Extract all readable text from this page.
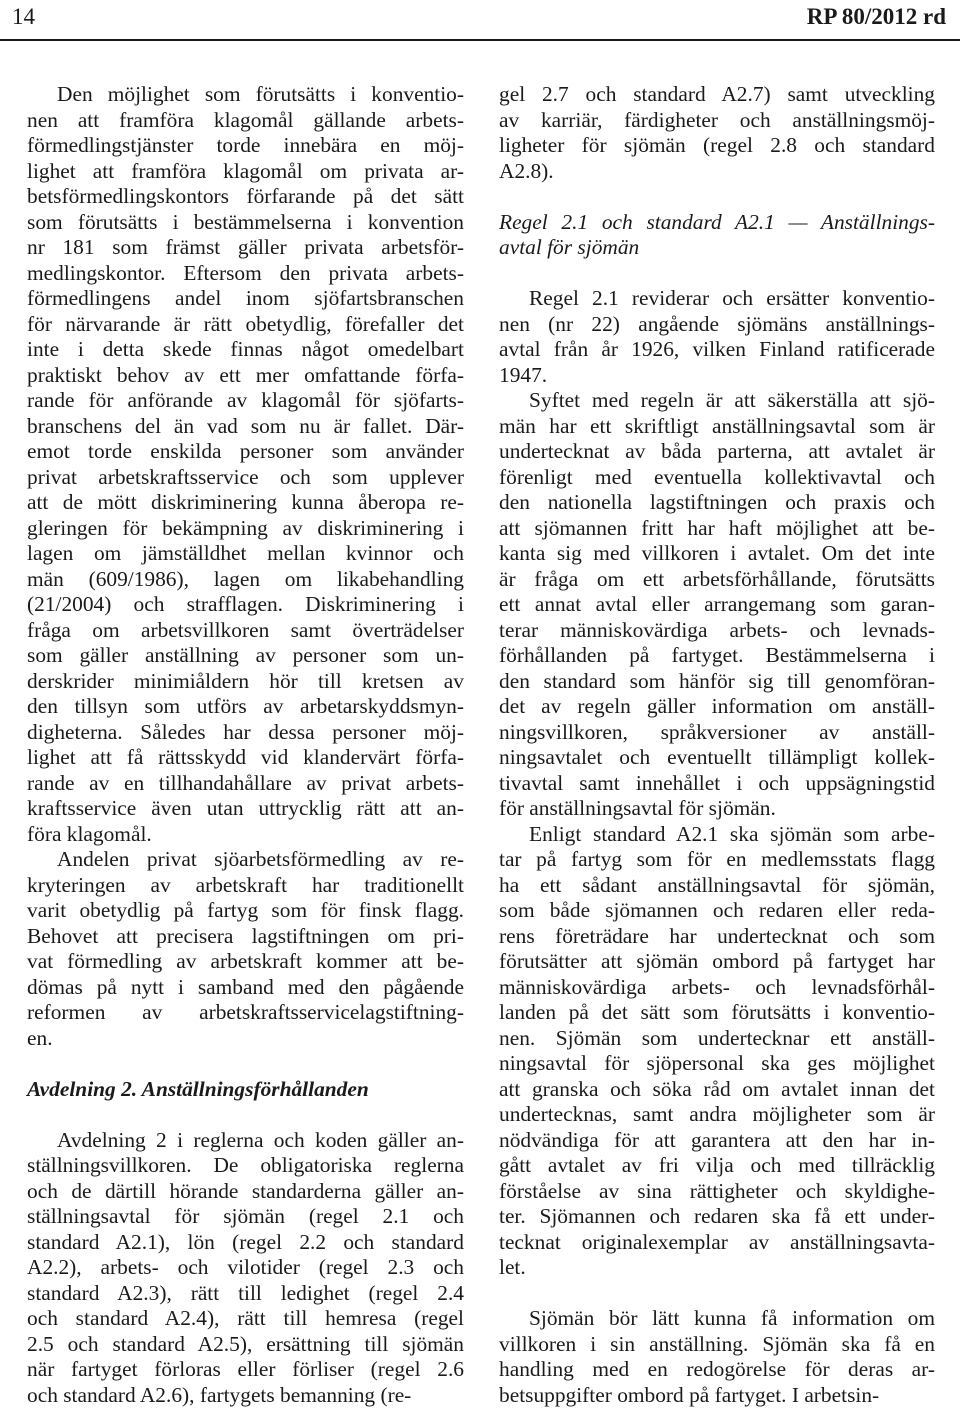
14	RP 80/2012 rd
Den möjlighet som förutsätts i konventio-
nen att framföra klagomål gällande arbets-
förmedlingstjänster torde innebära en möj-
lighet att framföra klagomål om privata ar-
betsförmedlingskontors förfarande på det sätt
som förutsätts i bestämmelserna i konvention
nr 181 som främst gäller privata arbetsför-
medlingskontor. Eftersom den privata arbets-
förmedlingens andel inom sjöfartsbranschen
för närvarande är rätt obetydlig, förefaller det
inte i detta skede finnas något omedelbart
praktiskt behov av ett mer omfattande förfa-
rande för anförande av klagomål för sjöfarts-
branschens del än vad som nu är fallet. Där-
emot torde enskilda personer som använder
privat arbetskraftsservice och som upplever
att de mött diskriminering kunna åberopa re-
gleringen för bekämpning av diskriminering i
lagen om jämställdhet mellan kvinnor och
män (609/1986), lagen om likabehandling
(21/2004) och strafflagen. Diskriminering i
fråga om arbetsvillkoren samt överträdelser
som gäller anställning av personer som un-
derskrider minimiåldern hör till kretsen av
den tillsyn som utförs av arbetarskyddsmyn-
digheterna. Således har dessa personer möj-
lighet att få rättsskydd vid klandervärt förfa-
rande av en tillhandahållare av privat arbets-
kraftsservice även utan uttrycklig rätt att an-
föra klagomål.
Andelen privat sjöarbetsförmedling av re-
kryteringen av arbetskraft har traditionellt
varit obetydlig på fartyg som för finsk flagg.
Behovet att precisera lagstiftningen om pri-
vat förmedling av arbetskraft kommer att be-
dömas på nytt i samband med den pågående
reformen av arbetskraftsservicelagstiftning-
en.
Avdelning 2. Anställningsförhållanden
Avdelning 2 i reglerna och koden gäller an-
ställningsvillkoren. De obligatoriska reglerna
och de därtill hörande standarderna gäller an-
ställningsavtal för sjömän (regel 2.1 och
standard A2.1), lön (regel 2.2 och standard
A2.2), arbets- och vilotider (regel 2.3 och
standard A2.3), rätt till ledighet (regel 2.4
och standard A2.4), rätt till hemresa (regel
2.5 och standard A2.5), ersättning till sjömän
när fartyget förloras eller förliser (regel 2.6
och standard A2.6), fartygets bemanning (re-
gel 2.7 och standard A2.7) samt utveckling
av karriär, färdigheter och anställningsmöj-
ligheter för sjömän (regel 2.8 och standard
A2.8).
Regel 2.1 och standard A2.1 — Anställnings-
avtal för sjömän
Regel 2.1 reviderar och ersätter konventio-
nen (nr 22) angående sjömäns anställnings-
avtal från år 1926, vilken Finland ratificerade
1947.
Syftet med regeln är att säkerställa att sjö-
män har ett skriftligt anställningsavtal som är
undertecknat av båda parterna, att avtalet är
förenligt med eventuella kollektivavtal och
den nationella lagstiftningen och praxis och
att sjömannen fritt har haft möjlighet att be-
kanta sig med villkoren i avtalet. Om det inte
är fråga om ett arbetsförhållande, förutsätts
ett annat avtal eller arrangemang som garan-
terar människovärdiga arbets- och levnads-
förhållanden på fartyget. Bestämmelserna i
den standard som hänför sig till genomföran-
det av regeln gäller information om anställ-
ningsvillkoren, språkversioner av anställ-
ningsavtalet och eventuellt tillämpligt kollek-
tivavtal samt innehållet i och uppsägningstid
för anställningsavtal för sjömän.
Enligt standard A2.1 ska sjömän som arbe-
tar på fartyg som för en medlemsstats flagg
ha ett sådant anställningsavtal för sjömän,
som både sjömannen och redaren eller reda-
rens företrädare har undertecknat och som
förutsätter att sjömän ombord på fartyget har
människovärdiga arbets- och levnadsförhål-
landen på det sätt som förutsätts i konventio-
nen. Sjömän som undertecknar ett anställ-
ningsavtal för sjöpersonal ska ges möjlighet
att granska och söka råd om avtalet innan det
undertecknas, samt andra möjligheter som är
nödvändiga för att garantera att den har in-
gått avtalet av fri vilja och med tillräcklig
förståelse av sina rättigheter och skyldighe-
ter. Sjömannen och redaren ska få ett under-
tecknat originalexemplar av anställningsavta-
let.
Sjömän bör lätt kunna få information om
villkoren i sin anställning. Sjömän ska få en
handling med en redogörelse för deras ar-
betsuppgifter ombord på fartyget. I arbetsin-
